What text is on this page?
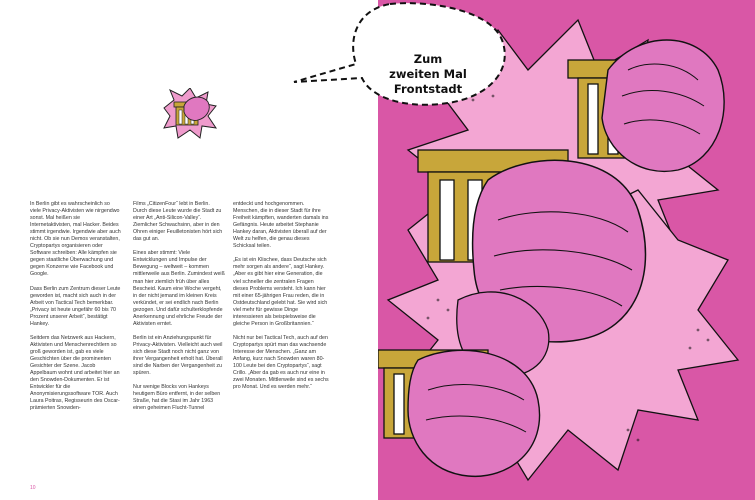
In Berlin gibt es wahrscheinlich so viele Privacy-Aktivisten wie nirgendwo sonst. Mal heißen sie Internetaktivisten, mal Hacker. Beides stimmt irgendwie. Irgendwie aber auch nicht. Ob sie nun Demos veranstalten, Cryptopartys organisieren oder Software schreiben: Alle kämpfen sie gegen staatliche Überwachung und gegen Konzerne wie Facebook und Google.

Dass Berlin zum Zentrum dieser Leute geworden ist, macht sich auch in der Arbeit von Tactical Tech bemerkbar. „Privacy ist heute ungefähr 60 bis 70 Prozent unserer Arbeit“, bestätigt Hankey.

Seitdem das Netzwerk aus Hackern, Aktivisten und Menschenrechtlern so groß geworden ist, gab es viele Geschichten über die prominenten Gesichter der Szene. Jacob Appelbaum wohnt und arbeitet hier an den Snowden-Dokumenten. Er ist Entwickler für die Anonymisierungssoftware TOR. Auch Laura Poitras, Regisseurin des Oscar-prämierten Snowden-
Films „CitizenFour“ lebt in Berlin. Durch diese Leute wurde die Stadt zu einer Art „Anti-Silicon-Valley“. Ziemlicher Schwachsinn, aber in den Ohren einiger Feuilletonisten hört sich das gut an.

Eines aber stimmt: Viele Entwicklungen und Impulse der Bewegung – weltweit – kommen mittlerweile aus Berlin. Zumindest weiß man hier ziemlich früh über alles Bescheid. Kaum eine Woche vergeht, in der nicht jemand im kleinen Kreis verkündet, er sei endlich nach Berlin gezogen. Und dafür schulterklopfende Anerkennung und ehrliche Freude der Aktivisten erntet.

Berlin ist ein Anziehungspunkt für Privacy-Aktivisten. Vielleicht auch weil sich diese Stadt noch nicht ganz von ihrer Vergangenheit erholt hat. Überall sind die Narben der Vergangenheit zu spüren.

Nur wenige Blocks von Hankeys heutigem Büro entfernt, in der selben Straße, hat die Stasi im Jahr 1963 einen geheimen Flucht-Tunnel
entdeckt und hochgenommen. Menschen, die in dieser Stadt für ihre Freiheit kämpften, wanderten damals ins Gefängnis. Heute arbeitet Stephanie Hankey daran, Aktivisten überall auf der Welt zu helfen, die genau dieses Schicksal teilen.

„Es ist ein Klischee, dass Deutsche sich mehr sorgen als andere“, sagt Hankey. „Aber es gibt hier eine Generation, die viel schneller die zentralen Fragen dieses Problems versteht. Ich kann hier mit einer 65-jährigen Frau reden, die in Ostdeutschland gelebt hat. Sie wird sich viel mehr für gewisse Dinge interessieren als beispielsweise die gleiche Person in Großbritannien.“

Nicht nur bei Tactical Tech, auch auf den Cryptopartys spürt man das wachsende Interesse der Menschen. „Ganz am Anfang, kurz nach Snowden waren 80-100 Leute bei den Cryptopartys“, sagt Crillo. „Aber da gab es auch nur eine in zwei Monaten. Mittlerweile sind es sechs pro Monat. Und es werden mehr.“
10
Zum zweiten Mal
Frontstadt
